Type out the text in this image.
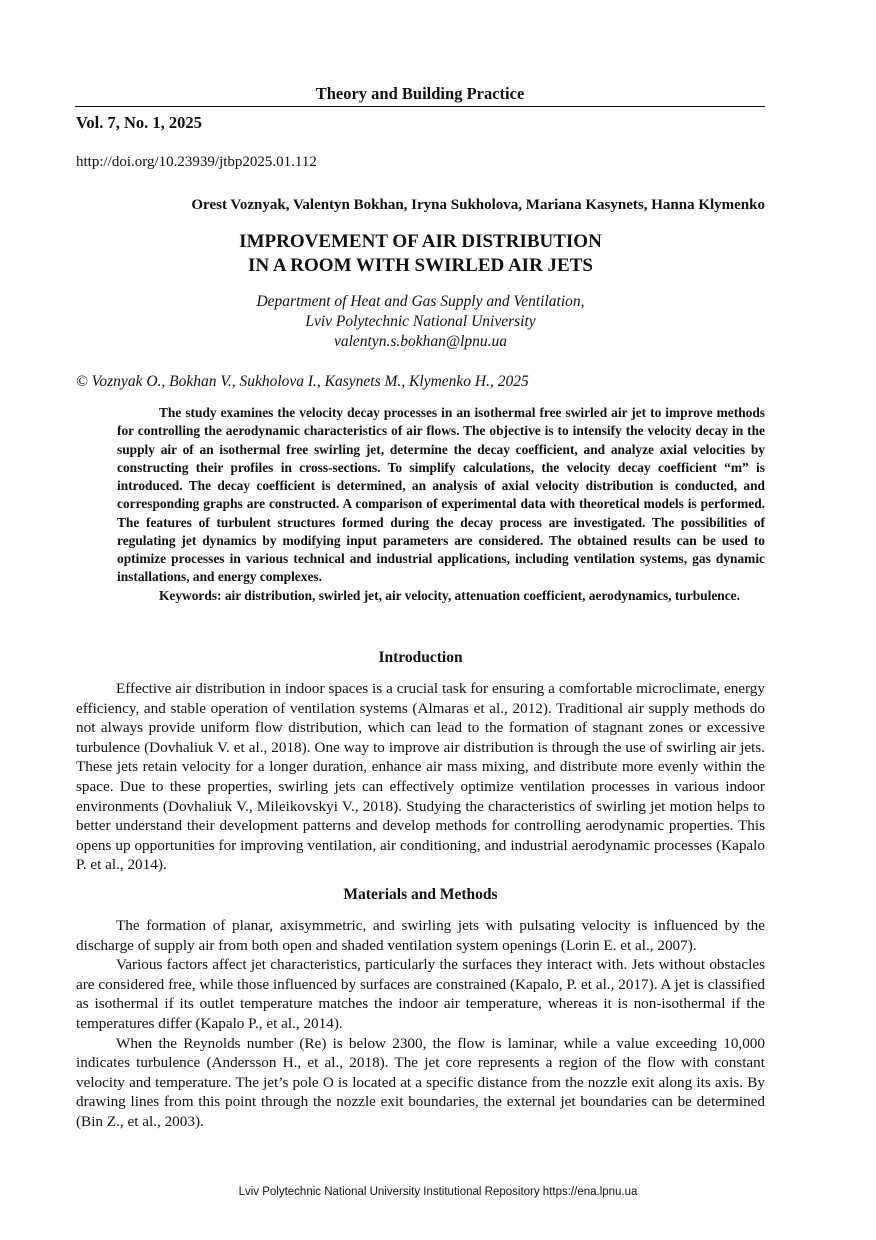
Theory and Building Practice
Vol. 7, No. 1, 2025
http://doi.org/10.23939/jtbp2025.01.112
Orest Voznyak, Valentyn Bokhan, Iryna Sukholova, Mariana Kasynets, Hanna Klymenko
IMPROVEMENT OF AIR DISTRIBUTION
IN A ROOM WITH SWIRLED AIR JETS
Department of Heat and Gas Supply and Ventilation,
Lviv Polytechnic National University
valentyn.s.bokhan@lpnu.ua
© Voznyak O., Bokhan V., Sukholova I., Kasynets M., Klymenko H., 2025

The study examines the velocity decay processes in an isothermal free swirled air jet to improve methods for controlling the aerodynamic characteristics of air flows. The objective is to intensify the velocity decay in the supply air of an isothermal free swirling jet, determine the decay coefficient, and analyze axial velocities by constructing their profiles in cross-sections. To simplify calculations, the velocity decay coefficient “m” is introduced. The decay coefficient is determined, an analysis of axial velocity distribution is conducted, and corresponding graphs are constructed. A comparison of experimental data with theoretical models is performed. The features of turbulent structures formed during the decay process are investigated. The possibilities of regulating jet dynamics by modifying input parameters are considered. The obtained results can be used to optimize processes in various technical and industrial applications, including ventilation systems, gas dynamic installations, and energy complexes.

Keywords: air distribution, swirled jet, air velocity, attenuation coefficient, aerodynamics, turbulence.

Introduction

Effective air distribution in indoor spaces is a crucial task for ensuring a comfortable microclimate, energy efficiency, and stable operation of ventilation systems (Almaras et al., 2012). Traditional air supply methods do not always provide uniform flow distribution, which can lead to the formation of stagnant zones or excessive turbulence (Dovhaliuk V. et al., 2018). One way to improve air distribution is through the use of swirling air jets. These jets retain velocity for a longer duration, enhance air mass mixing, and distribute more evenly within the space. Due to these properties, swirling jets can effectively optimize ventilation processes in various indoor environments (Dovhaliuk V., Mileikovskyi V., 2018). Studying the characteristics of swirling jet motion helps to better understand their development patterns and develop methods for controlling aerodynamic properties. This opens up opportunities for improving ventilation, air conditioning, and industrial aerodynamic processes (Kapalo P. et al., 2014).

Materials and Methods

The formation of planar, axisymmetric, and swirling jets with pulsating velocity is influenced by the discharge of supply air from both open and shaded ventilation system openings (Lorin E. et al., 2007).

Various factors affect jet characteristics, particularly the surfaces they interact with. Jets without obstacles are considered free, while those influenced by surfaces are constrained (Kapalo, P. et al., 2017). A jet is classified as isothermal if its outlet temperature matches the indoor air temperature, whereas it is non-isothermal if the temperatures differ (Kapalo P., et al., 2014).

When the Reynolds number (Re) is below 2300, the flow is laminar, while a value exceeding 10,000 indicates turbulence (Andersson H., et al., 2018). The jet core represents a region of the flow with constant velocity and temperature. The jet’s pole O is located at a specific distance from the nozzle exit along its axis. By drawing lines from this point through the nozzle exit boundaries, the external jet boundaries can be determined (Bin Z., et al., 2003).

Lviv Polytechnic National University Institutional Repository https://ena.lpnu.ua
